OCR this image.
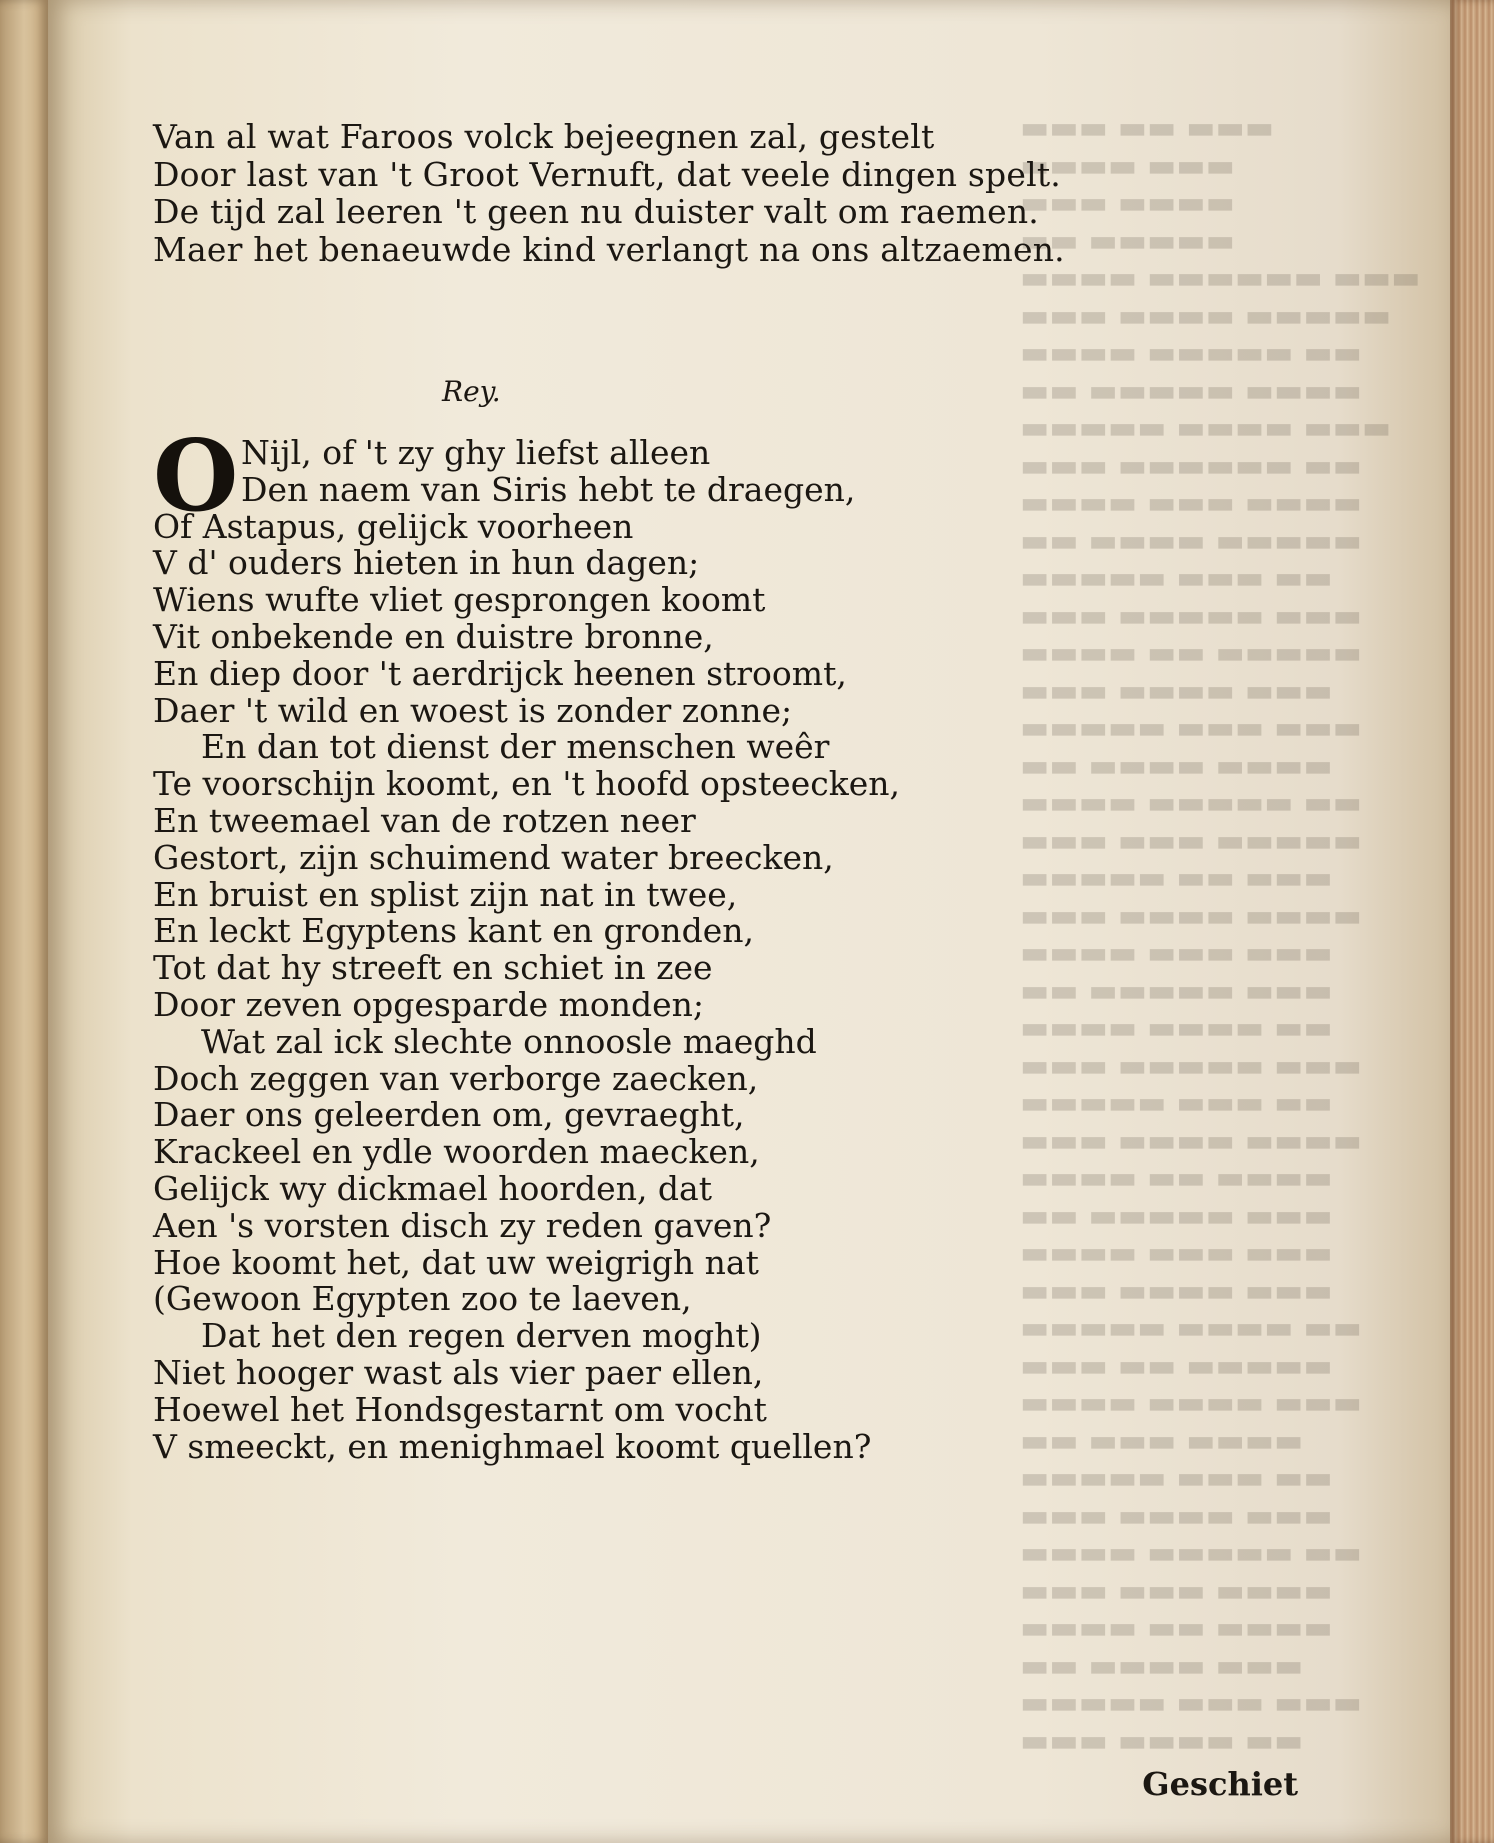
▬▬▬ ▬▬ ▬▬▬
▬▬▬▬ ▬▬▬
▬▬▬ ▬▬▬▬
▬▬ ▬▬▬▬▬
▬▬▬▬ ▬▬▬▬▬▬ ▬▬▬
▬▬▬ ▬▬▬▬ ▬▬▬▬▬
▬▬▬▬ ▬▬▬▬▬ ▬▬
▬▬ ▬▬▬▬▬ ▬▬▬▬
▬▬▬▬▬ ▬▬▬▬ ▬▬▬
▬▬▬ ▬▬▬▬▬▬ ▬▬
▬▬▬▬ ▬▬▬ ▬▬▬▬
▬▬ ▬▬▬▬ ▬▬▬▬▬
▬▬▬▬▬ ▬▬▬ ▬▬
▬▬▬ ▬▬▬▬▬ ▬▬▬
▬▬▬▬ ▬▬ ▬▬▬▬▬
▬▬▬ ▬▬▬▬ ▬▬▬
▬▬▬▬▬ ▬▬▬ ▬▬▬
▬▬ ▬▬▬▬ ▬▬▬▬
▬▬▬▬ ▬▬▬▬▬ ▬▬
▬▬▬ ▬▬▬ ▬▬▬▬▬
▬▬▬▬▬ ▬▬ ▬▬▬
▬▬▬ ▬▬▬▬ ▬▬▬▬
▬▬▬▬ ▬▬▬ ▬▬▬
▬▬ ▬▬▬▬▬ ▬▬▬
▬▬▬▬ ▬▬▬▬ ▬▬
▬▬▬ ▬▬▬▬▬ ▬▬▬
▬▬▬▬▬ ▬▬▬ ▬▬
▬▬▬ ▬▬▬▬ ▬▬▬▬
▬▬▬▬ ▬▬ ▬▬▬▬
▬▬ ▬▬▬▬▬ ▬▬▬
▬▬▬▬ ▬▬▬ ▬▬▬
▬▬▬ ▬▬▬▬ ▬▬▬
▬▬▬▬▬ ▬▬▬▬ ▬▬
▬▬▬ ▬▬ ▬▬▬▬▬
▬▬▬▬ ▬▬▬▬ ▬▬▬
▬▬ ▬▬▬ ▬▬▬▬
▬▬▬▬▬ ▬▬▬ ▬▬
▬▬▬ ▬▬▬▬ ▬▬▬
▬▬▬▬ ▬▬▬▬▬ ▬▬
▬▬▬ ▬▬▬ ▬▬▬▬
▬▬▬▬ ▬▬ ▬▬▬▬
▬▬ ▬▬▬▬ ▬▬▬
▬▬▬▬▬ ▬▬▬ ▬▬▬
▬▬▬ ▬▬▬▬ ▬▬
Van al wat Faroos volck bejeegnen zal, gestelt
Door last van 't Groot Vernuft, dat veele dingen spelt.
De tijd zal leeren 't geen nu duister valt om raemen.
Maer het benaeuwde kind verlangt na ons altzaemen.
Rey.
O Nijl, of 't zy ghy liefst alleen
Den naem van Siris hebt te draegen,
Of Astapus, gelijck voorheen
V d' ouders hieten in hun dagen;
Wiens wufte vliet gesprongen koomt
Vit onbekende en duistre bronne,
En diep door 't aerdrijck heenen stroomt,
Daer 't wild en woest is zonder zonne;
En dan tot dienst der menschen weêr
Te voorschijn koomt, en 't hoofd opsteecken,
En tweemael van de rotzen neer
Gestort, zijn schuimend water breecken,
En bruist en splist zijn nat in twee,
En leckt Egyptens kant en gronden,
Tot dat hy streeft en schiet in zee
Door zeven opgesparde monden;
Wat zal ick slechte onnoosle maeghd
Doch zeggen van verborge zaecken,
Daer ons geleerden om, gevraeght,
Krackeel en ydle woorden maecken,
Gelijck wy dickmael hoorden, dat
Aen 's vorsten disch zy reden gaven?
Hoe koomt het, dat uw weigrigh nat
(Gewoon Egypten zoo te laeven,
Dat het den regen derven moght)
Niet hooger wast als vier paer ellen,
Hoewel het Hondsgestarnt om vocht
V smeeckt, en menighmael koomt quellen?
Geschiet
